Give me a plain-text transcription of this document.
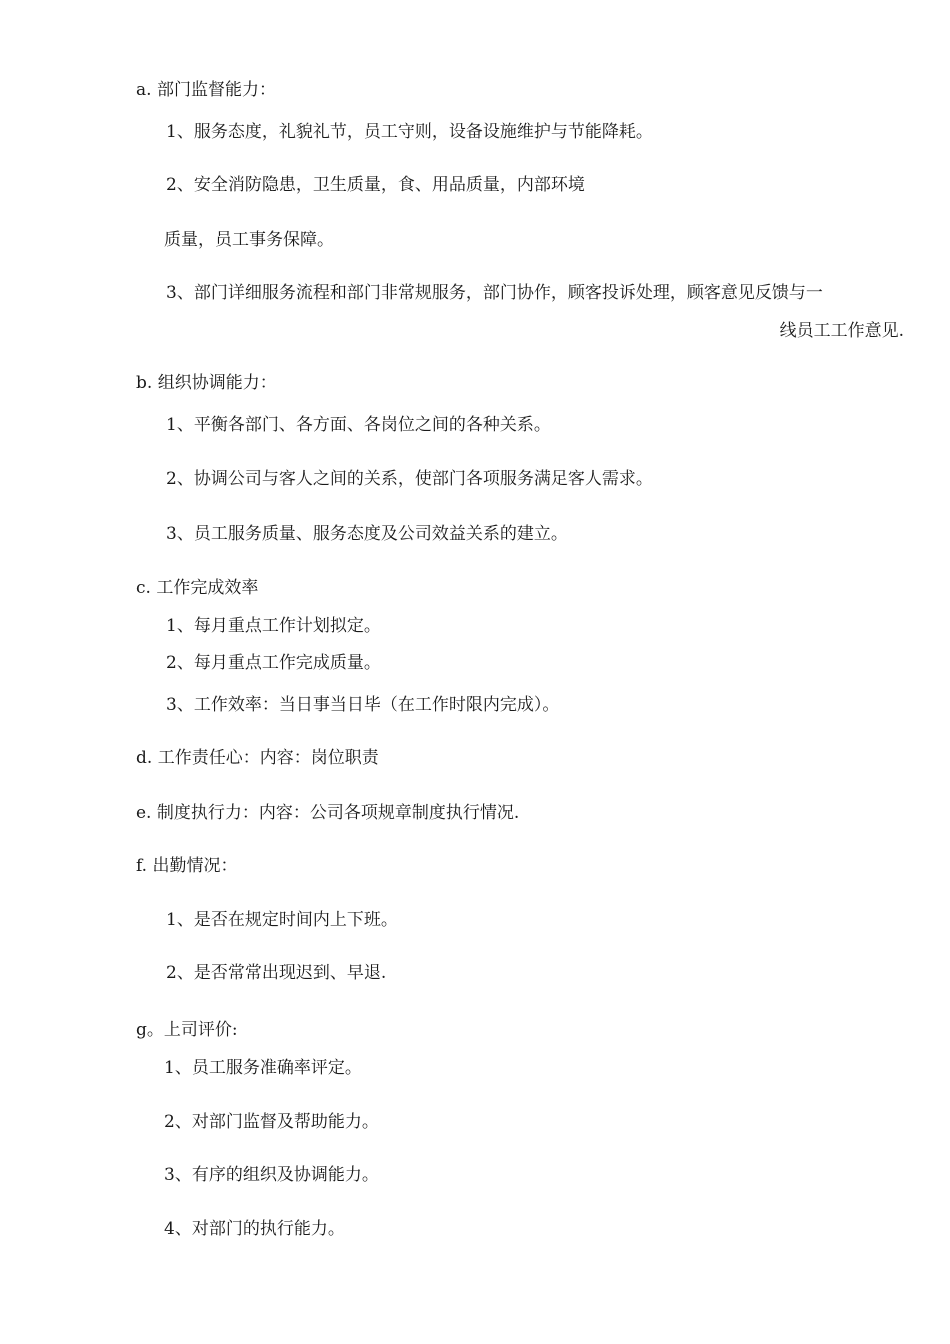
a. 部门监督能力：
1、服务态度，礼貌礼节，员工守则，设备设施维护与节能降耗。
2、安全消防隐患，卫生质量，食、用品质量，内部环境
质量，员工事务保障。
3、部门详细服务流程和部门非常规服务，部门协作，顾客投诉处理，顾客意见反馈与一
线员工工作意见.
b. 组织协调能力：
1、平衡各部门、各方面、各岗位之间的各种关系。
2、协调公司与客人之间的关系，使部门各项服务满足客人需求。
3、员工服务质量、服务态度及公司效益关系的建立。
c. 工作完成效率
1、每月重点工作计划拟定。
2、每月重点工作完成质量。
3、工作效率：当日事当日毕（在工作时限内完成）。
d. 工作责任心：内容：岗位职责
e. 制度执行力：内容：公司各项规章制度执行情况.
f. 出勤情况：
1、是否在规定时间内上下班。
2、是否常常出现迟到、早退.
g。上司评价:
1、员工服务准确率评定。
2、对部门监督及帮助能力。
3、有序的组织及协调能力。
4、对部门的执行能力。
